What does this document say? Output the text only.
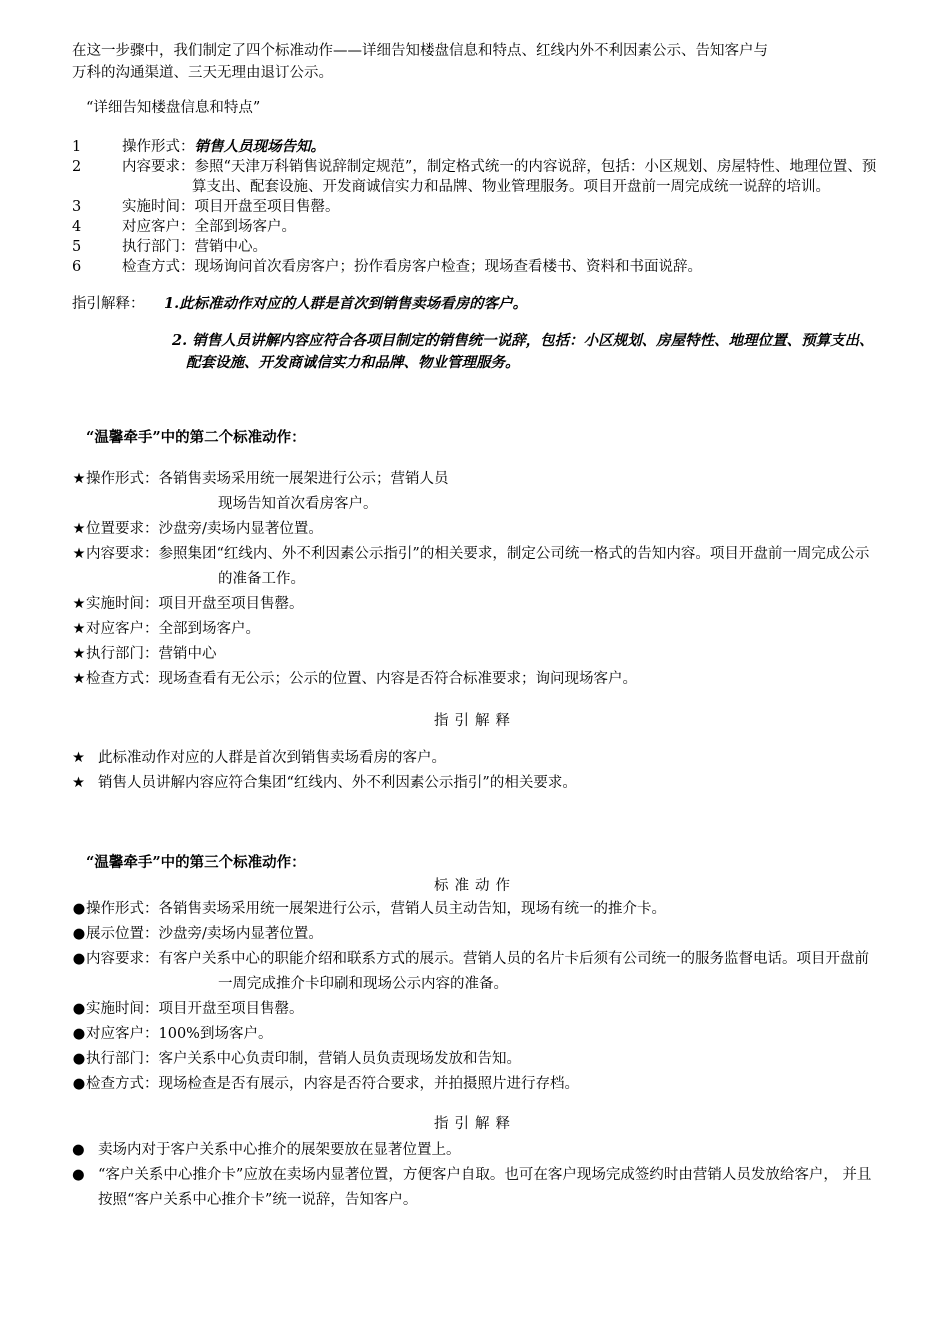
在这一步骤中，我们制定了四个标准动作——详细告知楼盘信息和特点、红线内外不利因素公示、告知客户与
万科的沟通渠道、三天无理由退订公示。
“详细告知楼盘信息和特点”
1	操作形式：销售人员现场告知。
2	内容要求：参照“天津万科销售说辞制定规范”，制定格式统一的内容说辞，包括：小区规划、房屋特性、地理位置、预算支出、配套设施、开发商诚信实力和品牌、物业管理服务。项目开盘前一周完成统一说辞的培训。
3	实施时间：项目开盘至项目售罄。
4	对应客户：全部到场客户。
5	执行部门：营销中心。
6	检查方式：现场询问首次看房客户；扮作看房客户检查；现场查看楼书、资料和书面说辞。
指引解释：	1.此标准动作对应的人群是首次到销售卖场看房的客户。
2. 销售人员讲解内容应符合各项目制定的销售统一说辞，包括：小区规划、房屋特性、地理位置、预算支出、配套设施、开发商诚信实力和品牌、物业管理服务。
“温馨牵手”中的第二个标准动作：
★操作形式：各销售卖场采用统一展架进行公示；营销人员
现场告知首次看房客户。
★位置要求：沙盘旁/卖场内显著位置。
★内容要求：参照集团“红线内、外不利因素公示指引”的相关要求，制定公司统一格式的告知内容。项目开盘前一周完成公示的准备工作。
★实施时间：项目开盘至项目售罄。
★对应客户：全部到场客户。
★执行部门：营销中心
★检查方式：现场查看有无公示；公示的位置、内容是否符合标准要求；询问现场客户。
指引解释
★ 此标准动作对应的人群是首次到销售卖场看房的客户。
★ 销售人员讲解内容应符合集团“红线内、外不利因素公示指引”的相关要求。
“温馨牵手”中的第三个标准动作：
标准动作
●操作形式：各销售卖场采用统一展架进行公示，营销人员主动告知，现场有统一的推介卡。
●展示位置：沙盘旁/卖场内显著位置。
●内容要求：有客户关系中心的职能介绍和联系方式的展示。营销人员的名片卡后须有公司统一的服务监督电话。项目开盘前一周完成推介卡印刷和现场公示内容的准备。
●实施时间：项目开盘至项目售罄。
●对应客户：100%到场客户。
●执行部门：客户关系中心负责印制，营销人员负责现场发放和告知。
●检查方式：现场检查是否有展示，内容是否符合要求，并拍摄照片进行存档。
指引解释
● 卖场内对于客户关系中心推介的展架要放在显著位置上。
● “客户关系中心推介卡”应放在卖场内显著位置，方便客户自取。也可在客户现场完成签约时由营销人员发放给客户， 并且按照“客户关系中心推介卡”统一说辞，告知客户。
